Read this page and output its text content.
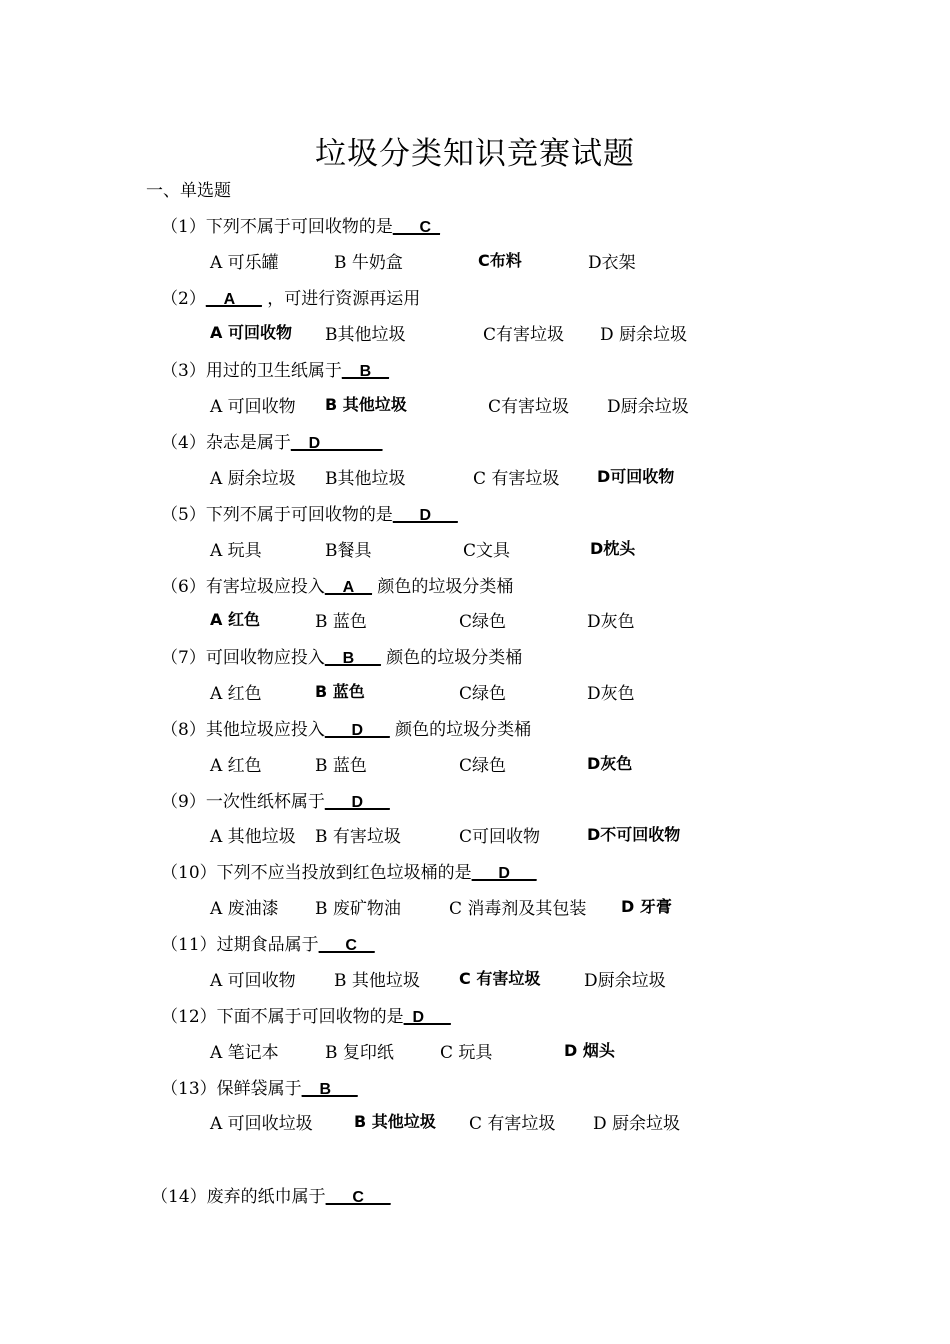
垃圾分类知识竞赛试题
一、单选题
（1）下列不属于可回收物的是___C_
A 可乐罐	B 牛奶盒	C布料	D衣架
（2）__A___ ，可进行资源再运用
A 可回收物 B其他垃圾	C有害垃圾 D 厨余垃圾
（3）用过的卫生纸属于__B__
A 可回收物 B 其他垃圾	C有害垃圾 D厨余垃圾
（4）杂志是属于__D_______
A 厨余垃圾 B其他垃圾	C 有害垃圾 D可回收物
（5）下列不属于可回收物的是___D___
A 玩具	B餐具	C文具	D枕头
（6）有害垃圾应投入__A__ 颜色的垃圾分类桶
A 红色	B 蓝色	C绿色	D灰色
（7）可回收物应投入__B___ 颜色的垃圾分类桶
A 红色	B 蓝色	C绿色	D灰色
（8）其他垃圾应投入___D___ 颜色的垃圾分类桶
A 红色	B 蓝色	C绿色	D灰色
（9）一次性纸杯属于___D___
A 其他垃圾 B 有害垃圾	C可回收物	D不可回收物
（10）下列不应当投放到红色垃圾桶的是___D___
A 废油漆 B 废矿物油	C 消毒剂及其包装 D 牙膏
（11）过期食品属于___C__
A 可回收物 B 其他垃圾 C 有害垃圾	D厨余垃圾
（12）下面不属于可回收物的是_D___
A 笔记本	B 复印纸	C 玩具	D 烟头
（13）保鲜袋属于__B___
A 可回收垃圾	B 其他垃圾 C 有害垃圾 D 厨余垃圾
（14）废弃的纸巾属于___C___
